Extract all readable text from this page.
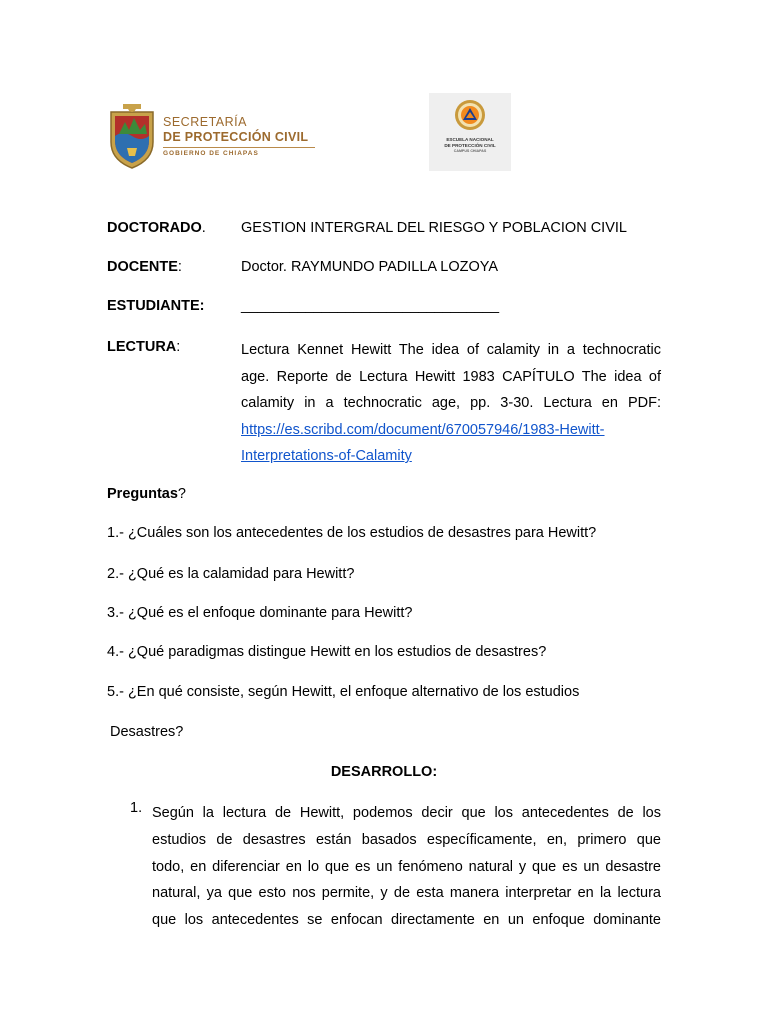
SECRETARÍA
DE PROTECCIÓN CIVIL
GOBIERNO DE CHIAPAS
ESCUELA NACIONAL
DE PROTECCIÓN CIVIL
CAMPUS CHIAPAS
DOCTORADO. GESTION INTERGRAL DEL RIESGO Y POBLACION CIVIL
DOCENTE:	Doctor. RAYMUNDO PADILLA LOZOYA
ESTUDIANTE:	________________________________
LECTURA:	Lectura Kennet Hewitt The idea of calamity in a technocratic
age. Reporte de Lectura Hewitt 1983 CAPÍTULO The idea of
calamity in a technocratic age, pp. 3-30. Lectura en PDF:
https://es.scribd.com/document/670057946/1983-Hewitt-
Interpretations-of-Calamity
Preguntas?
1.- ¿Cuáles son los antecedentes de los estudios de desastres para Hewitt?
2.- ¿Qué es la calamidad para Hewitt?
3.- ¿Qué es el enfoque dominante para Hewitt?
4.- ¿Qué paradigmas distingue Hewitt en los estudios de desastres?
5.- ¿En qué consiste, según Hewitt, el enfoque alternativo de los estudios
Desastres?
DESARROLLO:
1. Según la lectura de Hewitt, podemos decir que los antecedentes de los
estudios de desastres están basados específicamente, en, primero que
todo, en diferenciar en lo que es un fenómeno natural y que es un desastre
natural, ya que esto nos permite, y de esta manera interpretar en la lectura
que los antecedentes se enfocan directamente en un enfoque dominante
